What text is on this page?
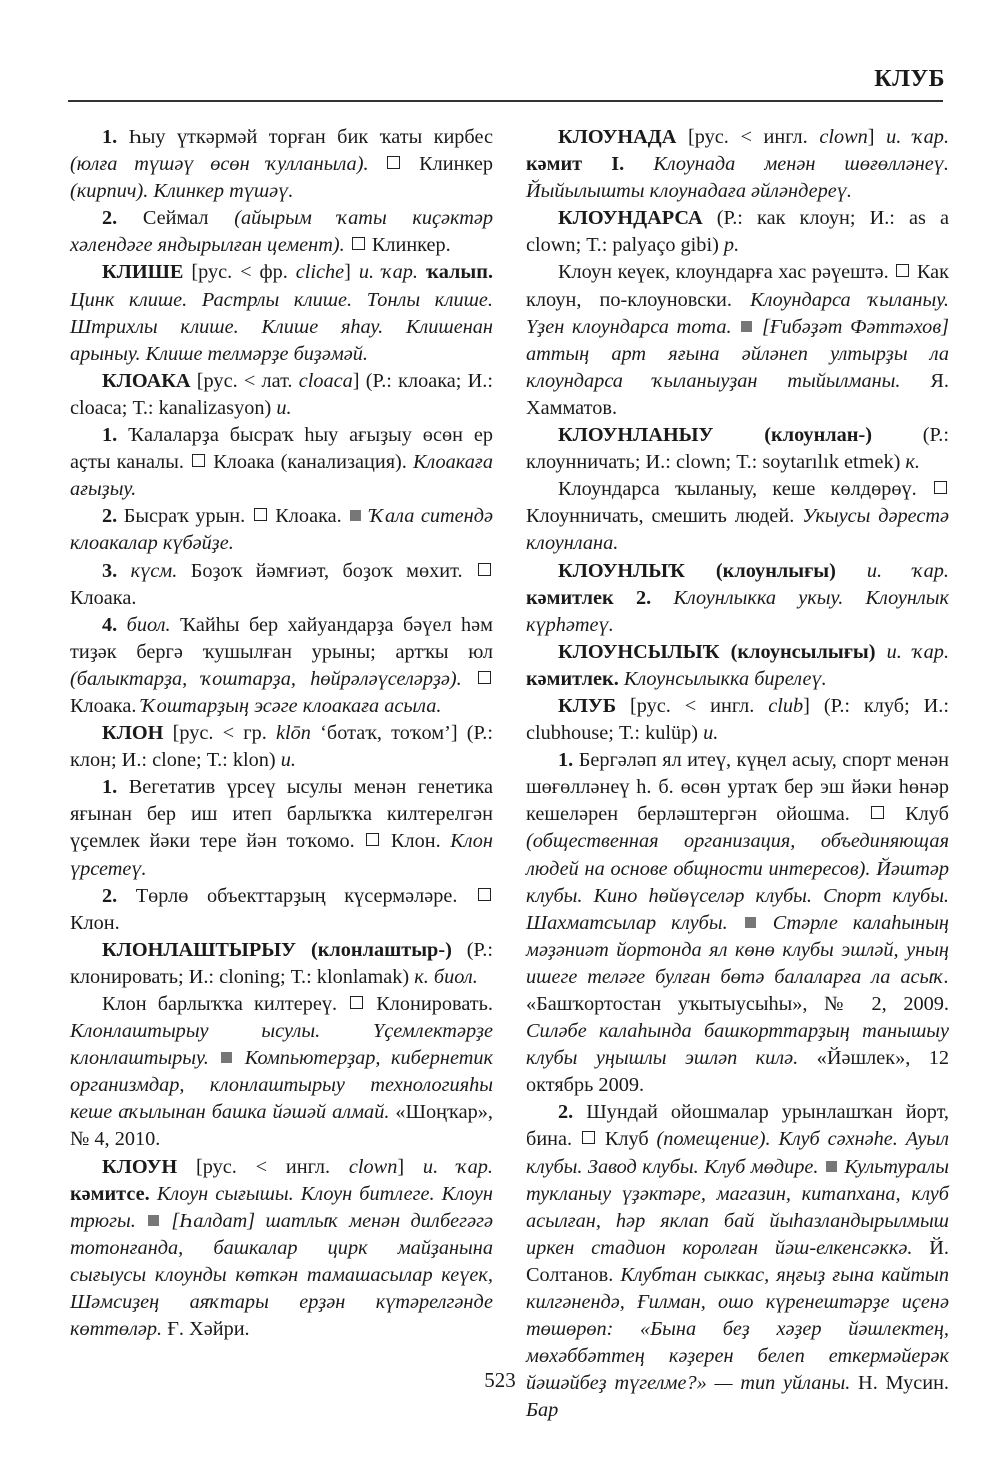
КЛУБ

1. Һыу үткәрмәй торған бик ҡаты кирбес (юлға түшәү өсөн ҡулланыла).  Клинкер (кирпич). Клинкер түшәү.

2. Сеймал (айырым ҡаты киҫәктәр хәлендәге яндырылған цемент).  Клинкер.

КЛИШЕ [рус. < фр. cliche] и. ҡар. ҡалып. Цинк клише. Растрлы клише. Тонлы клише. Штрихлы клише. Клише яһау. Клишенан арыныу. Клише телмәрҙе биҙәмәй.

КЛОАКА [рус. < лат. cloaca] (Р.: клоака; И.: cloaca; Т.: kanalizasyon) и.

1. Ҡалаларҙа бысраҡ һыу ағыҙыу өсөн ер аҫты каналы.  Клоака (канализация). Клоакаға ағыҙыу.

2. Бысраҡ урын.  Клоака.  Ҡала ситендә клоакалар күбәйҙе.

3. күсм. Боҙоҡ йәмғиәт, боҙоҡ мөхит.  Клоака.

4. биол. Ҡайһы бер хайуандарҙа бәүел һәм тиҙәк бергә ҡушылған урыны; артҡы юл (балыктарҙа, ҡоштарҙа, һөйрәләүселәрҙә).  Клоака. Ҡоштарҙың эсәге клоакаға асыла.

КЛОН [рус. < гр. klōn ‘ботаҡ, тоҡом’] (Р.: клон; И.: clone; Т.: klon) и.

1. Вегетатив үрсеү ысулы менән генетика яғынан бер иш итеп барлыҡҡа килтерелгән үҫемлек йәки тере йән тоҡомо.  Клон. Клон үрсетеү.

2. Төрлө объекттарҙың күсермәләре.  Клон.

КЛОНЛАШТЫРЫУ (клонлаштыр-) (Р.: клонировать; И.: cloning; Т.: klonlamak) к. биол.

Клон барлыҡҡа килтереү.  Клонировать. Клонлаштырыу ысулы. Үҫемлектәрҙе клонлаштырыу. Компьютерҙар, кибернетик организмдар, клонлаштырыу технологияһы кеше аҡылынан башка йәшәй алмай. «Шоңҡар», № 4, 2010.

КЛОУН [рус. < ингл. clown] и. ҡар. кәмитсе. Клоун сығышы. Клоун битлеге. Клоун трюгы. [Һалдат] шатлыҡ менән дилбегәгә тотонғанда, башкалар цирк майҙанына сығыусы клоунды көткән тамашасылар кеүек, Шәмсиҙең аяҡтары ерҙән күтәрелгәнде көттөләр. Ғ. Хәйри.

КЛОУНАДА [рус. < ингл. clown] и. ҡар. кәмит I. Клоунада менән шөғөлләнеү. Йыйылышты клоунадаға әйләндереү.

КЛОУНДАРСА (Р.: как клоун; И.: as a clown; Т.: palyaço gibi) р.

Клоун кеүек, клоундарға хас рәүештә.  Как клоун, по-клоуновски. Клоундарса ҡыланыу. Үҙен клоундарса тота. [Ғибәҙәт Фәттәхов] аттың арт яғына әйләнеп ултырҙы ла клоундарса ҡыланыуҙан тыйылманы. Я. Хамматов.

КЛОУНЛАНЫУ (клоунлан-) (Р.: клоунничать; И.: clown; Т.: soytarılık etmek) к.

Клоундарса ҡыланыу, кеше көлдөрөү.  Клоунничать, смешить людей. Укыусы дәрестә клоунлана.

КЛОУНЛЫҠ (клоунлығы) и. ҡар. кәмитлек 2. Клоунлыкка укыу. Клоунлык күрһәтеү.

КЛОУНСЫЛЫҠ (клоунсылығы) и. ҡар. кәмитлек. Клоунсылыкка бирелеү.

КЛУБ [рус. < ингл. club] (Р.: клуб; И.: clubhouse; Т.: kulüp) и.

1. Бергәләп ял итеү, күңел асыу, спорт менән шөғөлләнеү һ. б. өсөн уртаҡ бер эш йәки һөнәр кешеләрен берләштергән ойошма.  Клуб (общественная организация, объединяющая людей на основе общности интересов). Йәштәр клубы. Кино һөйөүселәр клубы. Спорт клубы. Шахматсылар клубы. Стәрле калаһының мәҙәниәт йортонда ял көнө клубы эшләй, уның ишеге теләге булған бөтә балаларға ла асыҡ. «Башҡортостан уҡытыусыһы», № 2, 2009. Силәбе калаһында башкорттарҙың танышыу клубы уңышлы эшләп килә. «Йәшлек», 12 октябрь 2009.

2. Шундай ойошмалар урынлашҡан йорт, бина.  Клуб (помещение). Клуб сәхнәһе. Ауыл клубы. Завод клубы. Клуб мөдире. Культуралы тукланыу үҙәктәре, магазин, китапхана, клуб асылған, һәр яклап бай йыһазландырылмыш иркен стадион королған йәш-елкенсәккә. Й. Солтанов. Клубтан сыккас, яңғыҙ ғына кайтып килгәнендә, Ғилман, ошо күренештәрҙе иҫенә төшөрөп: «Бына беҙ хәҙер йәшлектең, мөхәббәттең кәҙерен белеп еткермәйерәк йәшәйбеҙ түгелме?» — тип уйланы. Н. Мусин. Бар

523
